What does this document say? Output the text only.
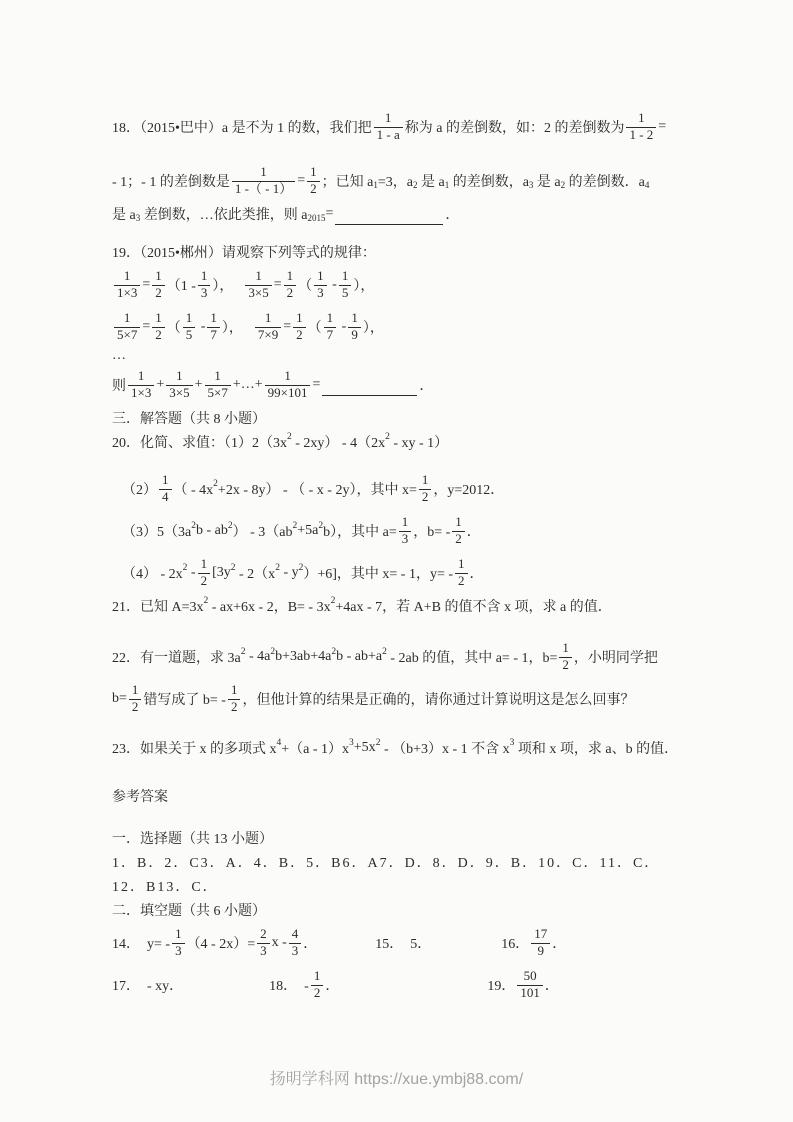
18．（2015•巴中）a 是不为 1 的数，我们把 $\frac{1}{1 - a}$ 称为 a 的差倒数，如：2 的差倒数为 $\frac{1}{1 - 2}$ =
- 1；- 1 的差倒数是 $\frac{1}{1 -( - 1)} = \frac{1}{2}$ ；已知 a 1 =3，a 2 是 a 1 的差倒数，a 3 是 a 2 的差倒数．a 4
是 a 3 差倒数，…依此类推，则 a 2015 =	．
19．（2015•郴州）请观察下列等式的规律：
$\frac{1}{1\times 3} = \frac{1}{2} (1 - \frac{1}{3}$ ）， $\frac{1}{3\times 5} = \frac{1}{2}$ （ $\frac{1}{3} - \frac{1}{5}$ ），
$\frac{1}{5\times 7} = \frac{1}{2}$ （ $\frac{1}{5} - \frac{1}{7}$ ）， $\frac{1}{7\times 9} = \frac{1}{2}$ （ $\frac{1}{7} - \frac{1}{9}$ ），
…
则 $\frac{1}{1\times 3} + \frac{1}{3\times 5} + \frac{1}{5\times 7}$ +…+ $\frac{1}{99\times 101}$ =	．
三．解答题（共 8 小题）
20．化简、求值：（1）2（3x 2 - 2xy） - 4（2x 2 - xy - 1）
$(2) \frac{1}{4}$ （ - 4x 2 +2x - 8y） - （ - x - 2y），其中 $x= \frac{1}{2}$ ，y=2012．
（3）5（3a 2 b - ab 2 ） - 3（ab 2 +5a 2 b），其中 $a= \frac{1}{3}$ ，$b= - \frac{1}{2}$ ．
（4） - 2x $2 - \frac{1}{2} [3y$ 2 - 2（x 2 - y 2 ）+6]，其中 x= - 1，$y= - \frac{1}{2}$ ．
21．已知 A=3x 2 - ax+6x - 2，B= - 3x 2 +4ax - 7，若 A+B 的值不含 x 项，求 a 的值．
22．有一道题，求 3a 2 - 4a 2 b+3ab+4a 2 b - ab+a 2 - 2ab 的值，其中 a= - 1，$b= \frac{1}{2}$ ，小明同学把
$b= \frac{1}{2}$ 错写成了 $b= - \frac{1}{2}$ ，但他计算的结果是正确的，请你通过计算说明这是怎么回事？
23．如果关于 x 的多项式 x 4 +（a - 1）x 3 +5x 2 - （b+3）x - 1 不含 x 3 项和 x 项，求 a、b 的值．
参考答案
一．选择题（共 13 小题）
1．B．2．C3．A．4．B．5．B6．A7．D．8．D．9．B．10．C．11．C．
12．B13．C．
二．填空题（共 6 小题）
14．  $y= - \frac{1}{3} (4 - 2x)= \frac{2}{3}$ x - $\frac{4}{3}$ ．	15．  5．	16． $\frac{17}{9}$ ．
17．  - xy．	18．  - $\frac{1}{2}$ ．	19． $\frac{50}{101}$ ．
扬明学科网 https://xue.ymbj88.com/
